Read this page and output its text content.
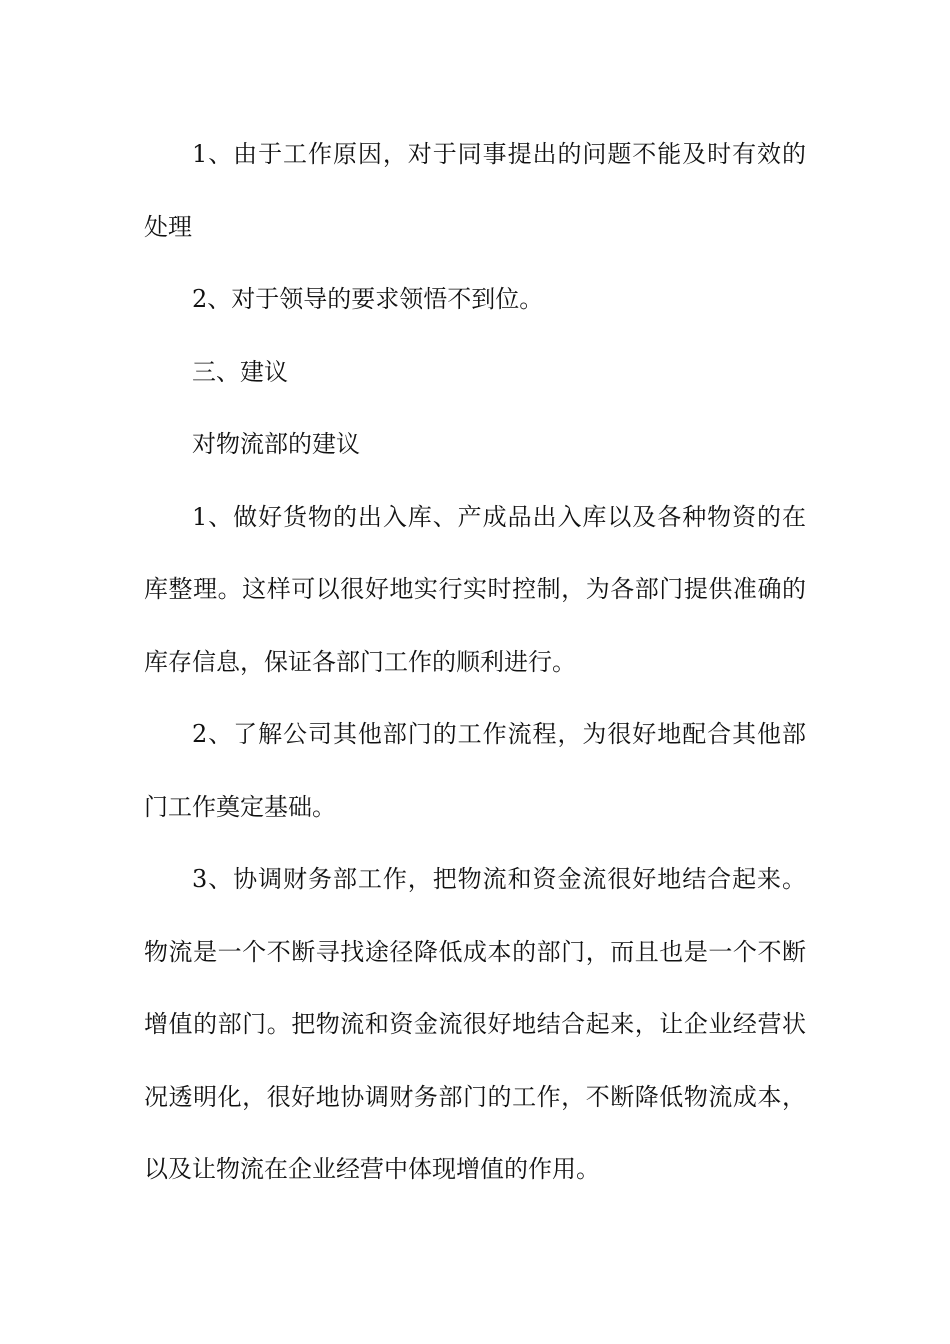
1、由于工作原因，对于同事提出的问题不能及时有效的处理

2、对于领导的要求领悟不到位。

三、建议

对物流部的建议

1、做好货物的出入库、产成品出入库以及各种物资的在库整理。这样可以很好地实行实时控制，为各部门提供准确的库存信息，保证各部门工作的顺利进行。

2、了解公司其他部门的工作流程，为很好地配合其他部门工作奠定基础。

3、协调财务部工作，把物流和资金流很好地结合起来。物流是一个不断寻找途径降低成本的部门，而且也是一个不断增值的部门。把物流和资金流很好地结合起来，让企业经营状况透明化，很好地协调财务部门的工作，不断降低物流成本，以及让物流在企业经营中体现增值的作用。
